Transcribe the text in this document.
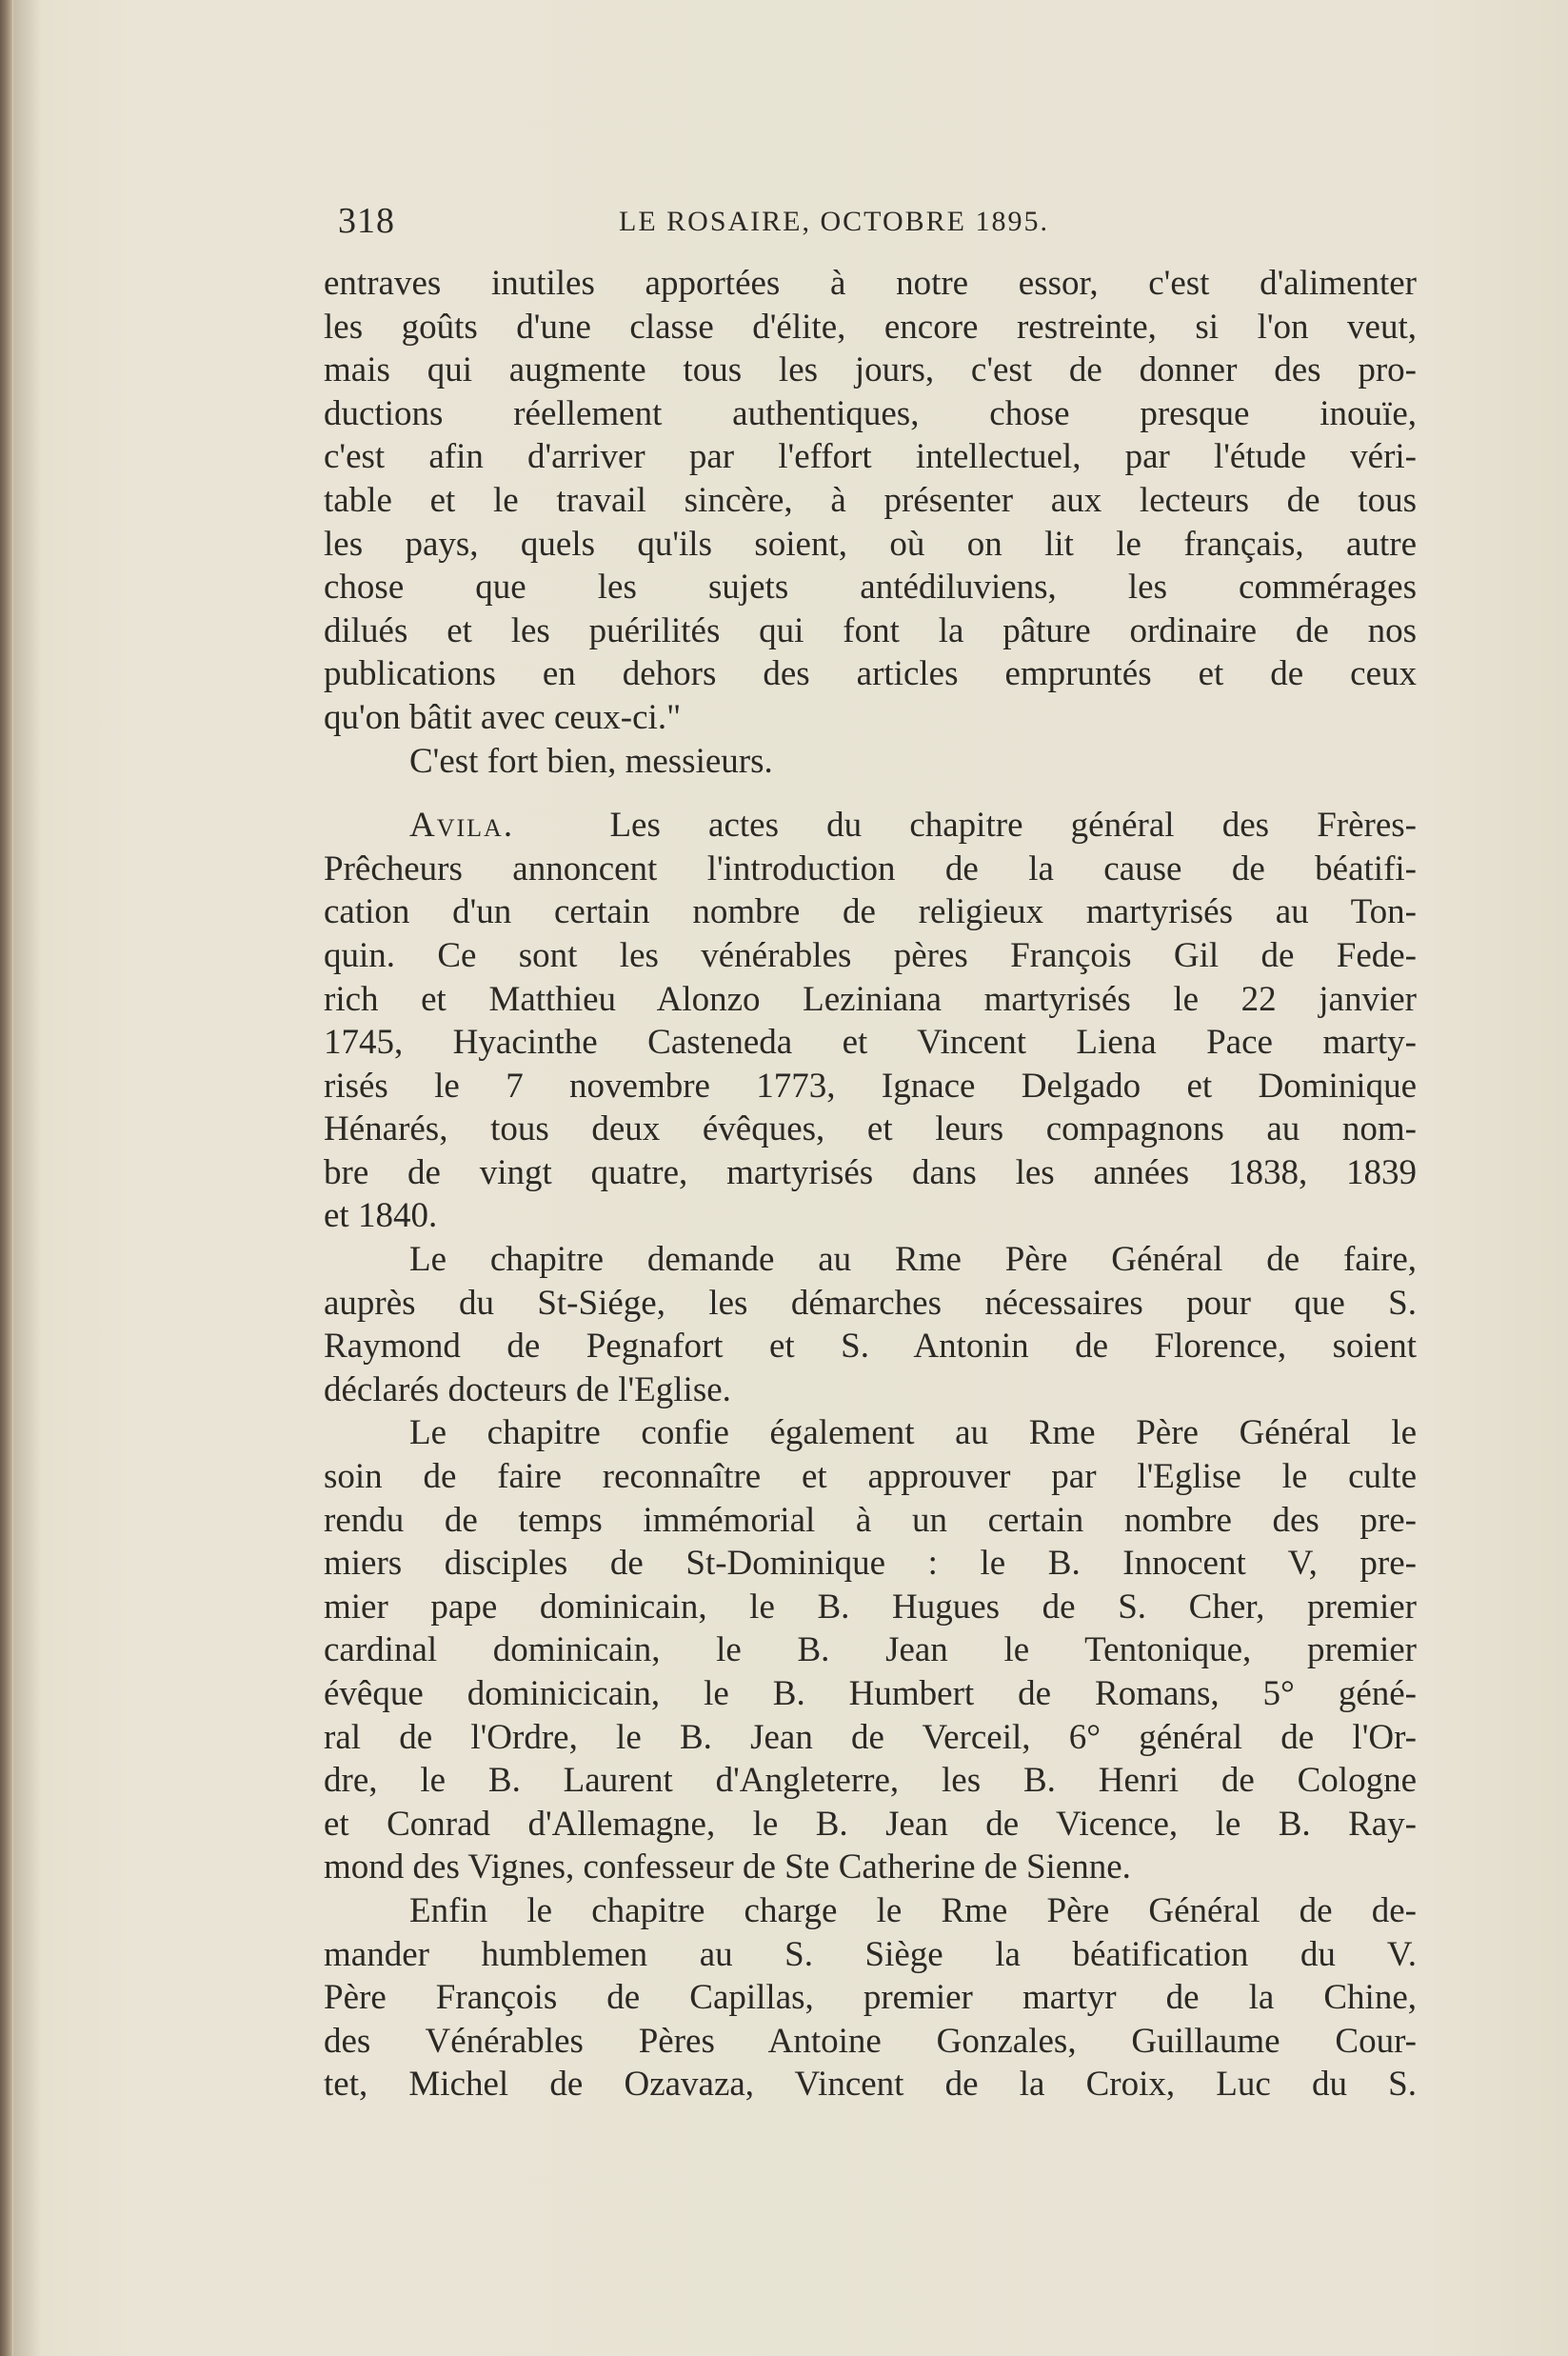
318	LE ROSAIRE, OCTOBRE 1895.
entraves inutiles apportées à notre essor, c'est d'alimenter
les goûts d'une classe d'élite, encore restreinte, si l'on veut,
mais qui augmente tous les jours, c'est de donner des pro-
ductions réellement authentiques, chose presque inouïe,
c'est afin d'arriver par l'effort intellectuel, par l'étude véri-
table et le travail sincère, à présenter aux lecteurs de tous
les pays, quels qu'ils soient, où on lit le français, autre
chose que les sujets antédiluviens, les commérages
dilués et les puérilités qui font la pâture ordinaire de nos
publications en dehors des articles empruntés et de ceux
qu'on bâtit avec ceux-ci."
C'est fort bien, messieurs.
Avila.	Les actes du chapitre général des Frères-
Prêcheurs annoncent l'introduction de la cause de béatifi-
cation d'un certain nombre de religieux martyrisés au Ton-
quin. Ce sont les vénérables pères François Gil de Fede-
rich et Matthieu Alonzo Leziniana martyrisés le 22 janvier
1745, Hyacinthe Casteneda et Vincent Liena Pace marty-
risés le 7 novembre 1773, Ignace Delgado et Dominique
Hénarés, tous deux évêques, et leurs compagnons au nom-
bre de vingt quatre, martyrisés dans les années 1838, 1839
et 1840.
Le chapitre demande au Rme Père Général de faire,
auprès du St-Siége, les démarches nécessaires pour que S.
Raymond de Pegnafort et S. Antonin de Florence, soient
déclarés docteurs de l'Eglise.
Le chapitre confie également au Rme Père Général le
soin de faire reconnaître et approuver par l'Eglise le culte
rendu de temps immémorial à un certain nombre des pre-
miers disciples de St-Dominique : le B. Innocent V, pre-
mier pape dominicain, le B. Hugues de S. Cher, premier
cardinal dominicain, le B. Jean le Tentonique, premier
évêque dominicicain, le B. Humbert de Romans, 5° géné-
ral de l'Ordre, le B. Jean de Verceil, 6° général de l'Or-
dre, le B. Laurent d'Angleterre, les B. Henri de Cologne
et Conrad d'Allemagne, le B. Jean de Vicence, le B. Ray-
mond des Vignes, confesseur de Ste Catherine de Sienne.
Enfin le chapitre charge le Rme Père Général de de-
mander humblemen au S. Siège la béatification du V.
Père François de Capillas, premier martyr de la Chine,
des Vénérables Pères Antoine Gonzales, Guillaume Cour-
tet, Michel de Ozavaza, Vincent de la Croix, Luc du S.
